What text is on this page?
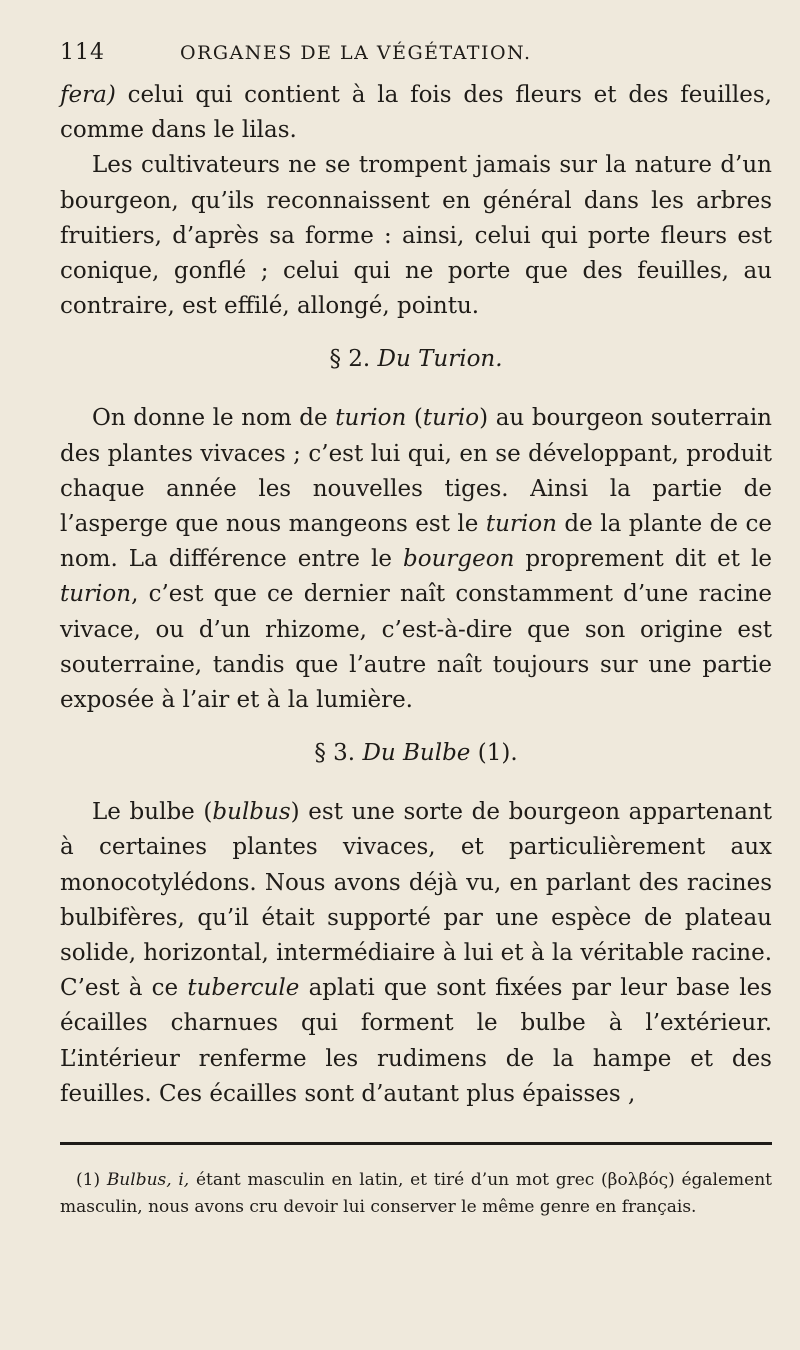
114	ORGANES DE LA VÉGÉTATION.

fera) celui qui contient à la fois des fleurs et des feuilles, comme dans le lilas.

Les cultivateurs ne se trompent jamais sur la nature d’un bourgeon, qu’ils reconnaissent en général dans les arbres fruitiers, d’après sa forme : ainsi, celui qui porte fleurs est conique, gonflé ; celui qui ne porte que des feuilles, au contraire, est effilé, allongé, pointu.

§ 2. Du Turion.

On donne le nom de turion (turio) au bourgeon souterrain des plantes vivaces ; c’est lui qui, en se développant, produit chaque année les nouvelles tiges. Ainsi la partie de l’asperge que nous mangeons est le turion de la plante de ce nom. La différence entre le bourgeon proprement dit et le turion, c’est que ce dernier naît constamment d’une racine vivace, ou d’un rhizome, c’est-à-dire que son origine est souterraine, tandis que l’autre naît toujours sur une partie exposée à l’air et à la lumière.

§ 3. Du Bulbe (1).

Le bulbe (bulbus) est une sorte de bourgeon appartenant à certaines plantes vivaces, et particulièrement aux monocotylédons. Nous avons déjà vu, en parlant des racines bulbifères, qu’il était supporté par une espèce de plateau solide, horizontal, intermédiaire à lui et à la véritable racine. C’est à ce tubercule aplati que sont fixées par leur base les écailles charnues qui forment le bulbe à l’extérieur. L’intérieur renferme les rudimens de la hampe et des feuilles. Ces écailles sont d’autant plus épaisses ,

(1) Bulbus, i, étant masculin en latin, et tiré d’un mot grec (βολβός) également masculin, nous avons cru devoir lui conserver le même genre en français.
